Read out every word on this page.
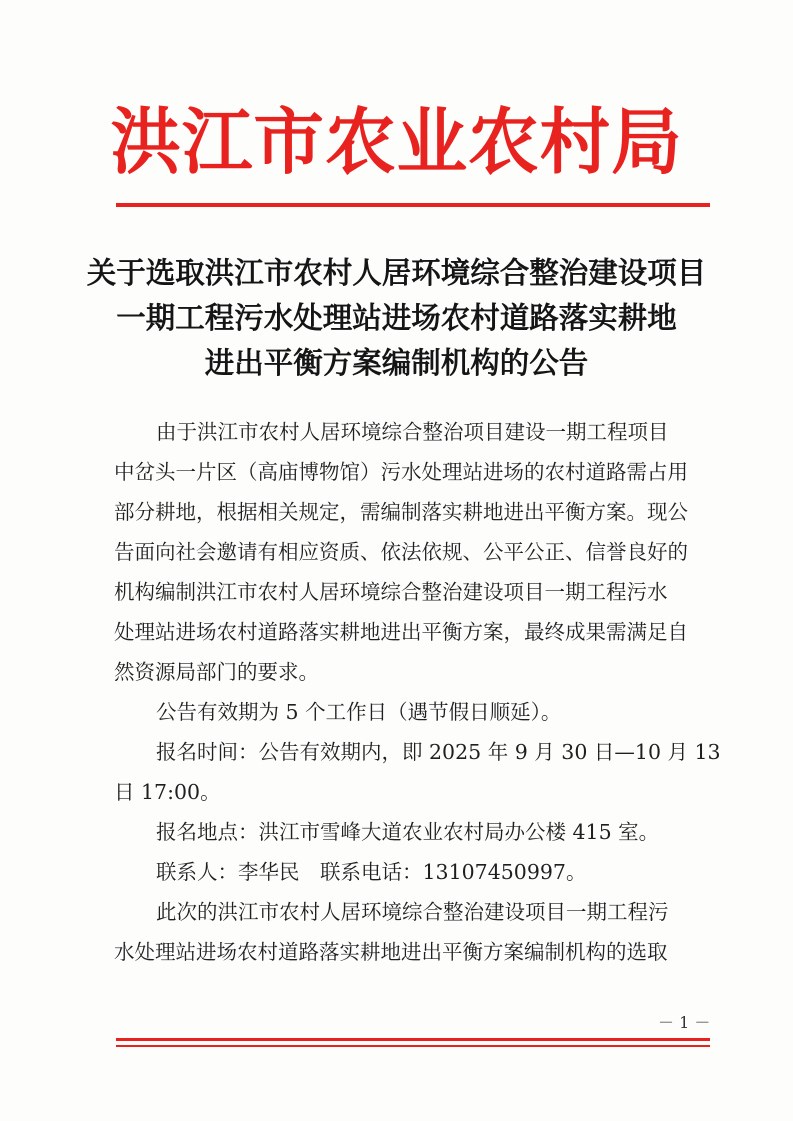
洪江市农业农村局
关于选取洪江市农村人居环境综合整治建设项目
一期工程污水处理站进场农村道路落实耕地
进出平衡方案编制机构的公告
由于洪江市农村人居环境综合整治项目建设一期工程项目
中岔头一片区（高庙博物馆）污水处理站进场的农村道路需占用
部分耕地，根据相关规定，需编制落实耕地进出平衡方案。现公
告面向社会邀请有相应资质、依法依规、公平公正、信誉良好的
机构编制洪江市农村人居环境综合整治建设项目一期工程污水
处理站进场农村道路落实耕地进出平衡方案，最终成果需满足自
然资源局部门的要求。
公告有效期为 5 个工作日（遇节假日顺延）。
报名时间：公告有效期内，即 2025 年 9 月 30 日—10 月 13
日 17:00。
报名地点：洪江市雪峰大道农业农村局办公楼 415 室。
联系人：李华民　联系电话：13107450997。
此次的洪江市农村人居环境综合整治建设项目一期工程污
水处理站进场农村道路落实耕地进出平衡方案编制机构的选取
－ 1 －
